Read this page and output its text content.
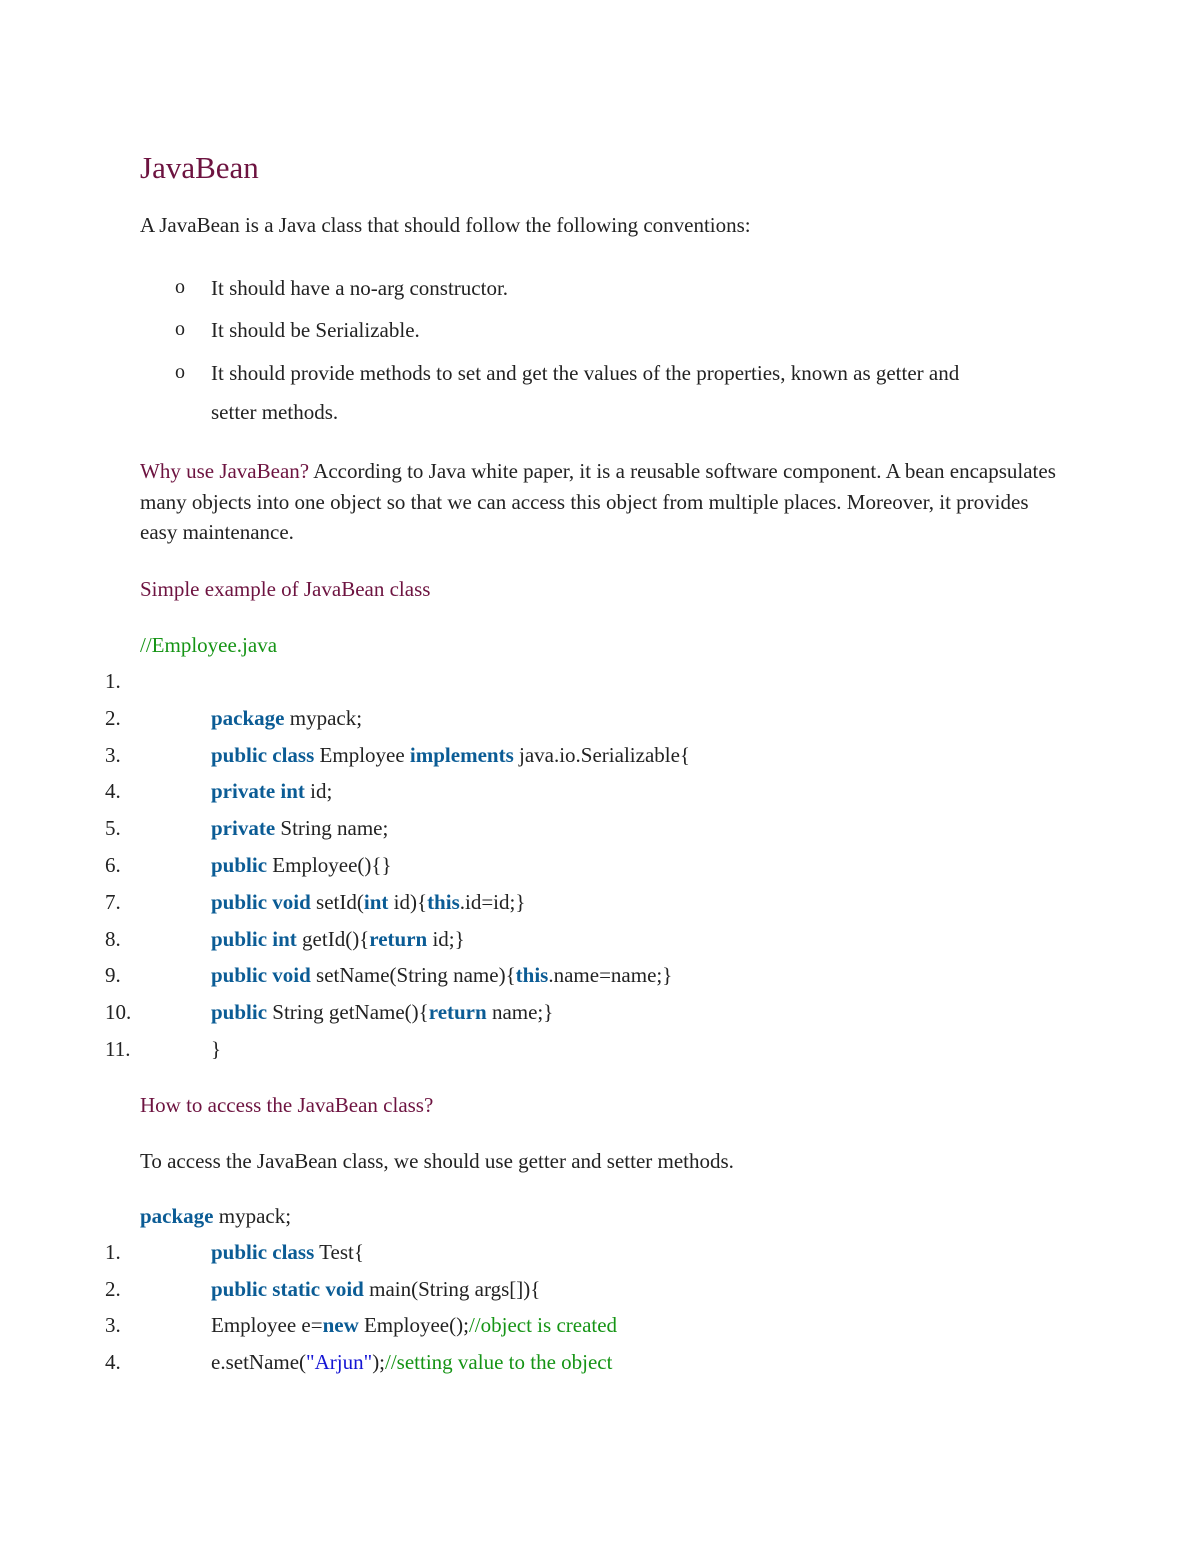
JavaBean
A JavaBean is a Java class that should follow the following conventions:
o It should have a no-arg constructor.
o It should be Serializable.
o It should provide methods to set and get the values of the properties, known as getter and
setter methods.
Why use JavaBean? According to Java white paper, it is a reusable software component. A bean encapsulates many objects into one object so that we can access this object from multiple places. Moreover, it provides easy maintenance.
Simple example of JavaBean class
//Employee.java
1.
2.	package mypack;
3.	public class Employee implements java.io.Serializable{
4.	private int id;
5.	private String name;
6.	public Employee(){}
7.	public void setId(int id){this.id=id;}
8.	public int getId(){return id;}
9.	public void setName(String name){this.name=name;}
10.	public String getName(){return name;}
11.	}
How to access the JavaBean class?
To access the JavaBean class, we should use getter and setter methods.
package mypack;
1.	public class Test{
2.	public static void main(String args[]){
3.	Employee e=new Employee();//object is created
4.	e.setName("Arjun");//setting value to the object
